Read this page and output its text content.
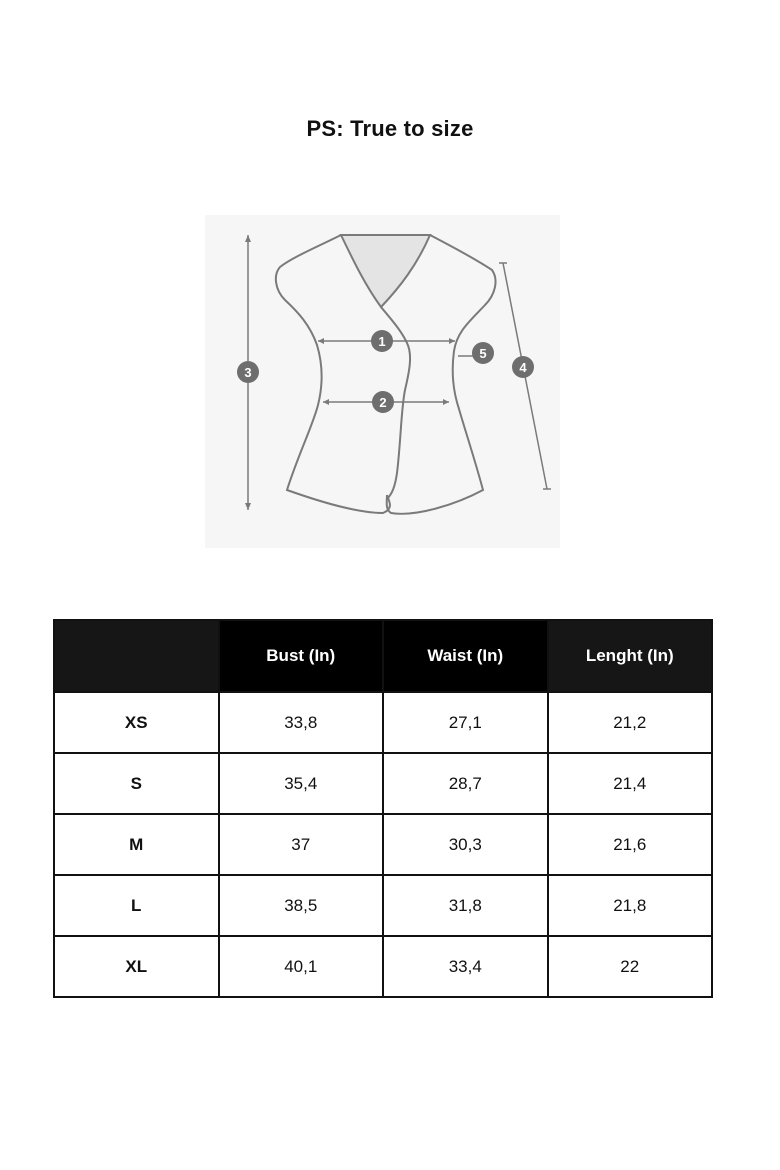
PS: True to size
1
2
3	4
5
	Bust (In)	Waist (In)	Lenght (In)
XS	33,8	27,1	21,2
S	35,4	28,7	21,4
M	37	30,3	21,6
L	38,5	31,8	21,8
XL	40,1	33,4	22
